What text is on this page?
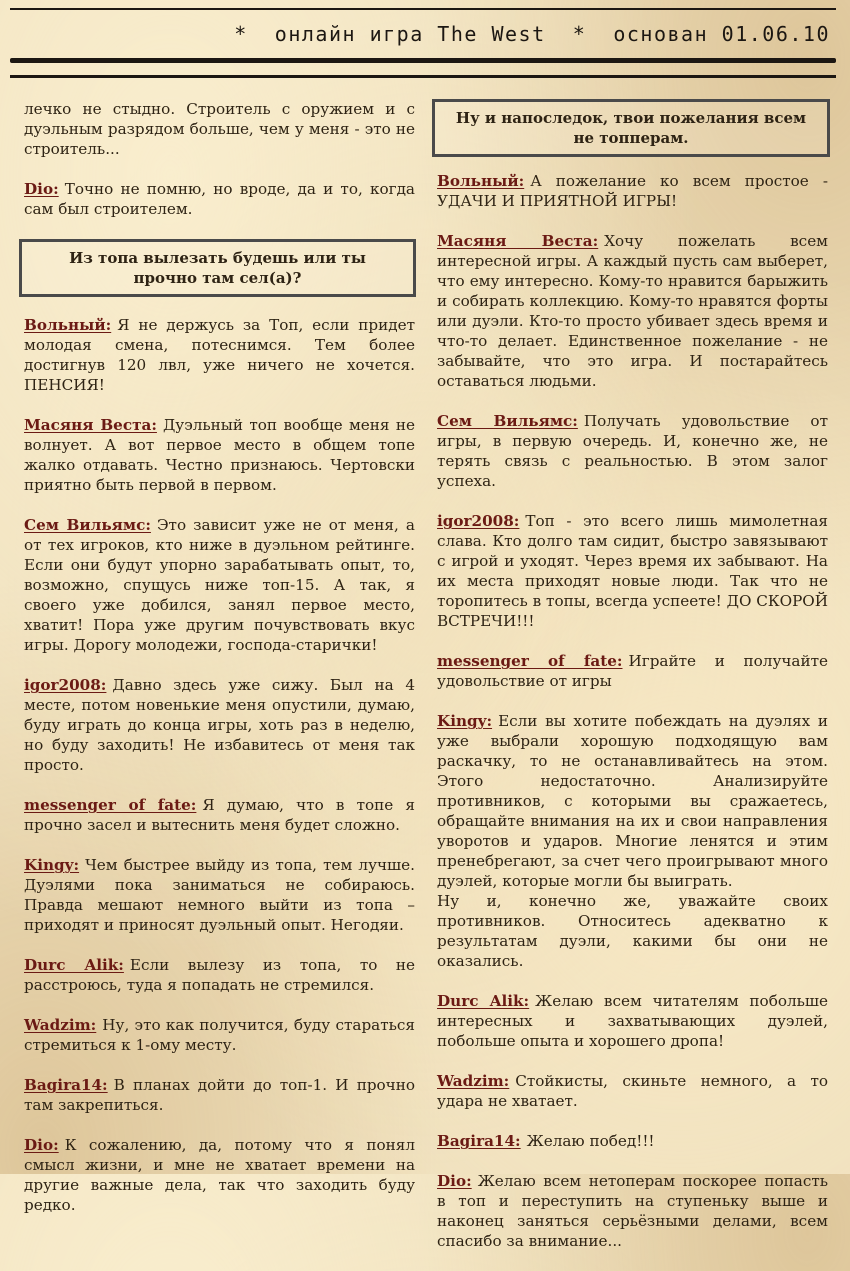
*  онлайн игра The West  *  основан 01.06.10

лечко не стыдно. Строитель с оружием и с дуэльным разрядом больше, чем у меня - это не строитель...

Dio: Точно не помню, но вроде, да и то, когда сам был строителем.

Из топа вылезать будешь или ты прочно там сел(а)?

Вольный: Я не держусь за Топ, если придет молодая смена, потеснимся. Тем более достигнув 120 лвл, уже ничего не хочется. ПЕНСИЯ!

Масяня Веста: Дуэльный топ вообще меня не волнует. А вот первое место в общем топе жалко отдавать. Честно признаюсь. Чертовски приятно быть первой в первом.

Сем Вильямс: Это зависит уже не от меня, а от тех игроков, кто ниже в дуэльном рейтинге. Если они будут упорно зарабатывать опыт, то, возможно, спущусь ниже топ-15. А так, я своего уже добился, занял первое место, хватит! Пора уже другим почувствовать вкус игры. Дорогу молодежи, господа-старички!

igor2008: Давно здесь уже сижу. Был на 4 месте, потом новенькие меня опустили, думаю, буду играть до конца игры, хоть раз в неделю, но буду заходить! Не избавитесь от меня так просто.

messenger of fate: Я думаю, что в топе я прочно засел и вытеснить меня будет сложно.

Kingy: Чем быстрее выйду из топа, тем лучше. Дуэлями пока заниматься не собираюсь. Правда мешают немного выйти из топа – приходят и приносят дуэльный опыт. Негодяи.

Durc Alik: Если вылезу из топа, то не расстроюсь, туда я попадать не стремился.

Wadzim: Ну, это как получится, буду стараться стремиться к 1-ому месту.

Bagira14: В планах дойти до топ-1. И прочно там закрепиться.

Dio: К сожалению, да, потому что я понял смысл жизни, и мне не хватает времени на другие важные дела, так что заходить буду редко.

Ну и напоследок, твои пожелания всем не топперам.

Вольный: А пожелание ко всем простое - УДАЧИ И ПРИЯТНОЙ ИГРЫ!

Масяня Веста: Хочу пожелать всем интересной игры. А каждый пусть сам выберет, что ему интересно. Кому-то нравится барыжить и собирать коллекцию. Кому-то нравятся форты или дуэли. Кто-то просто убивает здесь время и что-то делает. Единственное пожелание - не забывайте, что это игра. И постарайтесь оставаться людьми.

Сем Вильямс: Получать удовольствие от игры, в первую очередь. И, конечно же, не терять связь с реальностью. В этом залог успеха.

igor2008: Топ - это всего лишь мимолетная слава. Кто долго там сидит, быстро завязывают с игрой и уходят. Через время их забывают. На их места приходят новые люди. Так что не торопитесь в топы, всегда успеете! ДО СКОРОЙ ВСТРЕЧИ!!!

messenger of fate: Играйте и получайте удовольствие от игры

Kingy: Если вы хотите побеждать на дуэлях и уже выбрали хорошую подходящую вам раскачку, то не останавливайтесь на этом. Этого недостаточно. Анализируйте противников, с которыми вы сражаетесь, обращайте внимания на их и свои направления уворотов и ударов. Многие ленятся и этим пренебрегают, за счет чего проигрывают много дуэлей, которые могли бы выиграть.

Ну и, конечно же, уважайте своих противников. Относитесь адекватно к результатам дуэли, какими бы они не оказались.

Durc Alik: Желаю всем читателям побольше интересных и захватывающих дуэлей, побольше опыта и хорошего дропа!

Wadzim: Стойкисты, скиньте немного, а то удара не хватает.

Bagira14: Желаю побед!!!

Dio: Желаю всем нетоперам поскорее попасть в топ и переступить на ступеньку выше и наконец заняться серьёзными делами, всем спасибо за внимание...
